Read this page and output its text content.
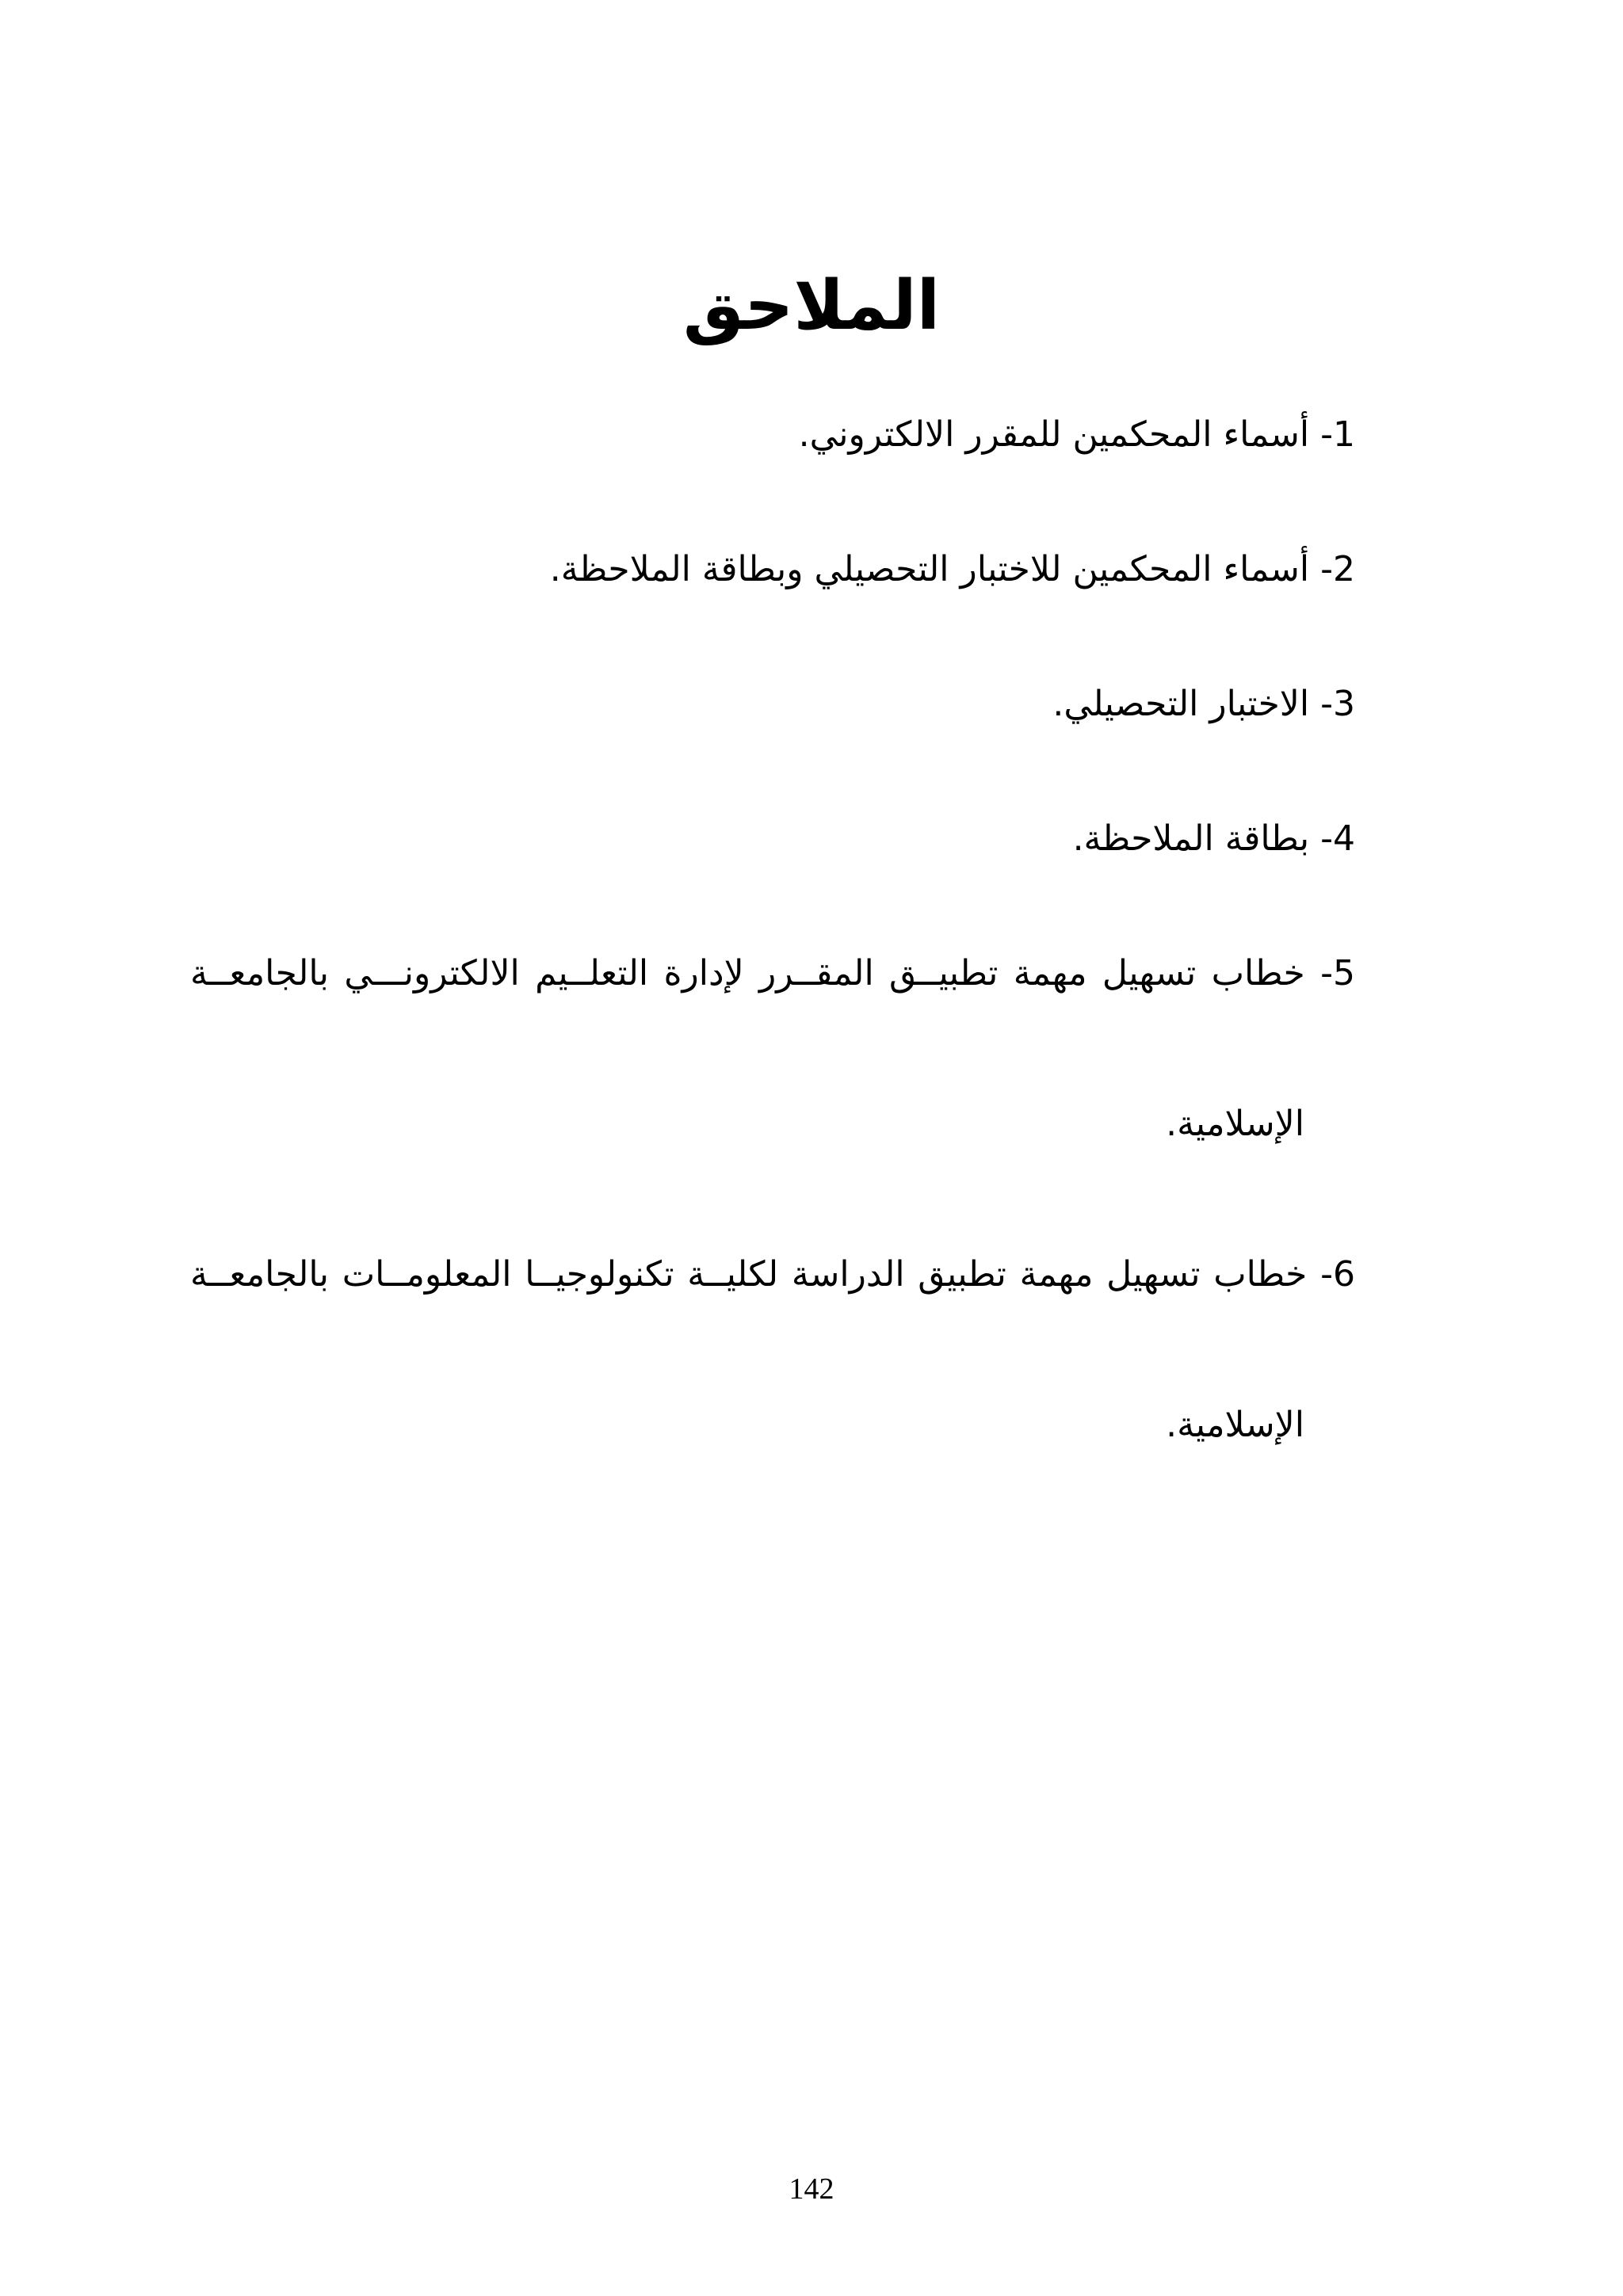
الملاحق
1- أسماء المحكمين للمقرر الالكتروني.
2- أسماء المحكمين للاختبار التحصيلي وبطاقة الملاحظة.
3- الاختبار التحصيلي.
4- بطاقة الملاحظة.
5- خطاب تسهيل مهمة تطبيــق المقــرر لإدارة التعلــيم الالكترونـــي بالجامعــة
الإسلامية.
6- خطاب تسهيل مهمة تطبيق الدراسة لكليــة تكنولوجيــا المعلومــات بالجامعــة
الإسلامية.
142
